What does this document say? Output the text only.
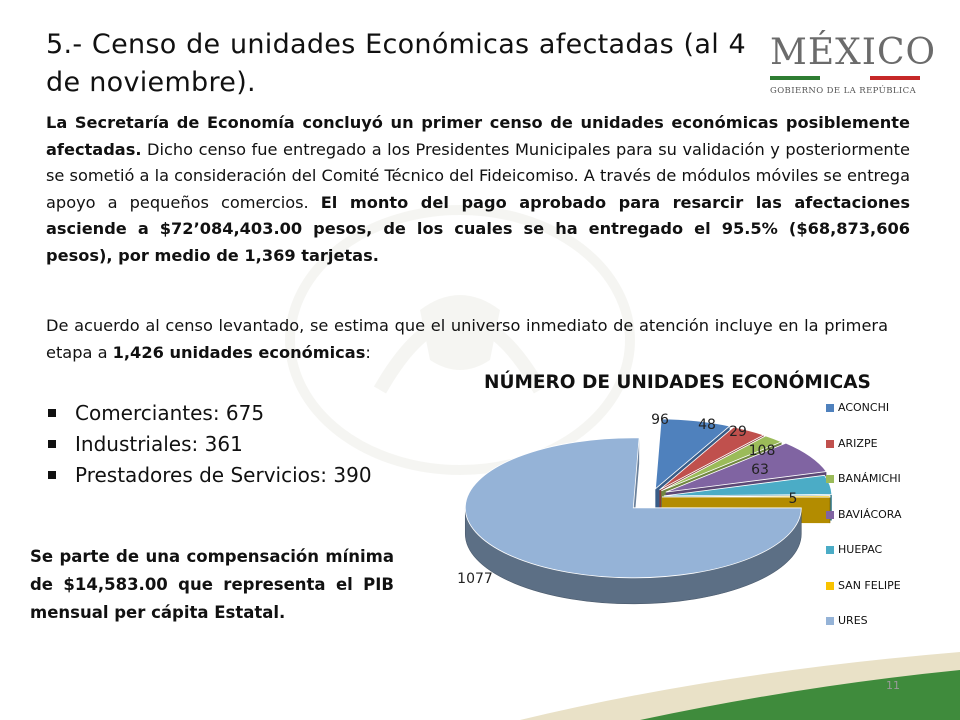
5.- Censo de unidades Económicas afectadas (al 4 de noviembre).
MÉXICO
GOBIERNO DE LA REPÚBLICA
La Secretaría de Economía concluyó un primer censo de unidades económicas posiblemente afectadas. Dicho censo fue entregado a los Presidentes Municipales para su validación y posteriormente se sometió a la consideración del Comité Técnico del Fideicomiso. A través de módulos móviles se entrega apoyo a pequeños comercios. El monto del pago aprobado para resarcir las afectaciones asciende a $72’084,403.00 pesos, de los cuales se ha entregado el 95.5% ($68,873,606 pesos), por medio de 1,369 tarjetas.
De acuerdo al censo levantado, se estima que el universo inmediato de atención incluye en la primera etapa a 1,426 unidades económicas:
Comerciantes: 675
Industriales: 361
Prestadores de Servicios: 390
Se parte de una compensación mínima de $14,583.00 que representa el PIB mensual per cápita Estatal.
NÚMERO DE UNIDADES ECONÓMICAS
96 48 29
108
63
5
1077
ACONCHI
ARIZPE
BANÁMICHI
BAVIÁCORA
HUEPAC
SAN FELIPE
URES
11
